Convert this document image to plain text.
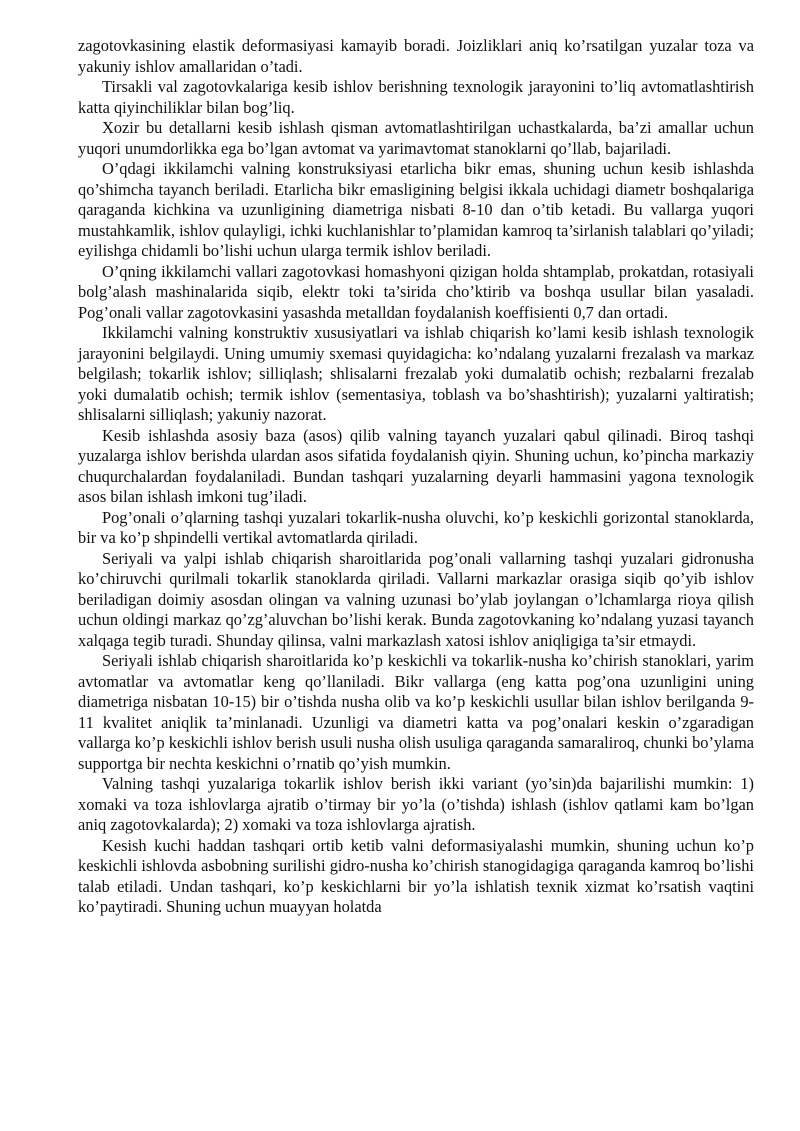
zagotovkasining elastik deformasiyasi kamayib boradi. Joizliklari aniq ko’rsatilgan yuzalar toza va yakuniy ishlov amallaridan o’tadi.

Tirsakli val zagotovkalariga kesib ishlov berishning texnologik jarayonini to’liq avtomatlashtirish katta qiyinchiliklar bilan bog’liq.

Xozir bu detallarni kesib ishlash qisman avtomatlashtirilgan uchastkalarda, ba’zi amallar uchun yuqori unumdorlikka ega bo’lgan avtomat va yarimavtomat stanoklarni qo’llab, bajariladi.

O’qdagi ikkilamchi valning konstruksiyasi etarlicha bikr emas, shuning uchun kesib ishlashda qo’shimcha tayanch beriladi. Etarlicha bikr emasligining belgisi ikkala uchidagi diametr boshqalariga qaraganda kichkina va uzunligining diametriga nisbati 8-10 dan o’tib ketadi. Bu vallarga yuqori mustahkamlik, ishlov qulayligi, ichki kuchlanishlar to’plamidan kamroq ta’sirlanish talablari qo’yiladi; eyilishga chidamli bo’lishi uchun ularga termik ishlov beriladi.

O’qning ikkilamchi vallari zagotovkasi homashyoni qizigan holda shtamplab, prokatdan, rotasiyali bolg’alash mashinalarida siqib, elektr toki ta’sirida cho’ktirib va boshqa usullar bilan yasaladi. Pog’onali vallar zagotovkasini yasashda metalldan foydalanish koeffisienti 0,7 dan ortadi.

Ikkilamchi valning konstruktiv xususiyatlari va ishlab chiqarish ko’lami kesib ishlash texnologik jarayonini belgilaydi. Uning umumiy sxemasi quyidagicha: ko’ndalang yuzalarni frezalash va markaz belgilash; tokarlik ishlov; silliqlash; shlisalarni frezalab yoki dumalatib ochish; rezbalarni frezalab yoki dumalatib ochish; termik ishlov (sementasiya, toblash va bo’shashtirish); yuzalarni yaltiratish; shlisalarni silliqlash; yakuniy nazorat.

Kesib ishlashda asosiy baza (asos) qilib valning tayanch yuzalari qabul qilinadi. Biroq tashqi yuzalarga ishlov berishda ulardan asos sifatida foydalanish qiyin. Shuning uchun, ko’pincha markaziy chuqurchalardan foydalaniladi. Bundan tashqari yuzalarning deyarli hammasini yagona texnologik asos bilan ishlash imkoni tug’iladi.

Pog’onali o’qlarning tashqi yuzalari tokarlik-nusha oluvchi, ko’p keskichli gorizontal stanoklarda, bir va ko’p shpindelli vertikal avtomatlarda qiriladi.

Seriyali va yalpi ishlab chiqarish sharoitlarida pog’onali vallarning tashqi yuzalari gidronusha ko’chiruvchi qurilmali tokarlik stanoklarda qiriladi. Vallarni markazlar orasiga siqib qo’yib ishlov beriladigan doimiy asosdan olingan va valning uzunasi bo’ylab joylangan o’lchamlarga rioya qilish uchun oldingi markaz qo’zg’aluvchan bo’lishi kerak. Bunda zagotovkaning ko’ndalang yuzasi tayanch xalqaga tegib turadi. Shunday qilinsa, valni markazlash xatosi ishlov aniqligiga ta’sir etmaydi.

Seriyali ishlab chiqarish sharoitlarida ko’p keskichli va tokarlik-nusha ko’chirish stanoklari, yarim avtomatlar va avtomatlar keng qo’llaniladi. Bikr vallarga (eng katta pog’ona uzunligini uning diametriga nisbatan 10-15) bir o’tishda nusha olib va ko’p keskichli usullar bilan ishlov berilganda 9-11 kvalitet aniqlik ta’minlanadi. Uzunligi va diametri katta va pog’onalari keskin o’zgaradigan vallarga ko’p keskichli ishlov berish usuli nusha olish usuliga qaraganda samaraliroq, chunki bo’ylama supportga bir nechta keskichni o’rnatib qo’yish mumkin.

Valning tashqi yuzalariga tokarlik ishlov berish ikki variant (yo’sin)da bajarilishi mumkin: 1) xomaki va toza ishlovlarga ajratib o’tirmay bir yo’la (o’tishda) ishlash (ishlov qatlami kam bo’lgan aniq zagotovkalarda); 2) xomaki va toza ishlovlarga ajratish.

Kesish kuchi haddan tashqari ortib ketib valni deformasiyalashi mumkin, shuning uchun ko’p keskichli ishlovda asbobning surilishi gidro-nusha ko’chirish stanogidagiga qaraganda kamroq bo’lishi talab etiladi. Undan tashqari, ko’p keskichlarni bir yo’la ishlatish texnik xizmat ko’rsatish vaqtini ko’paytiradi. Shuning uchun muayyan holatda
